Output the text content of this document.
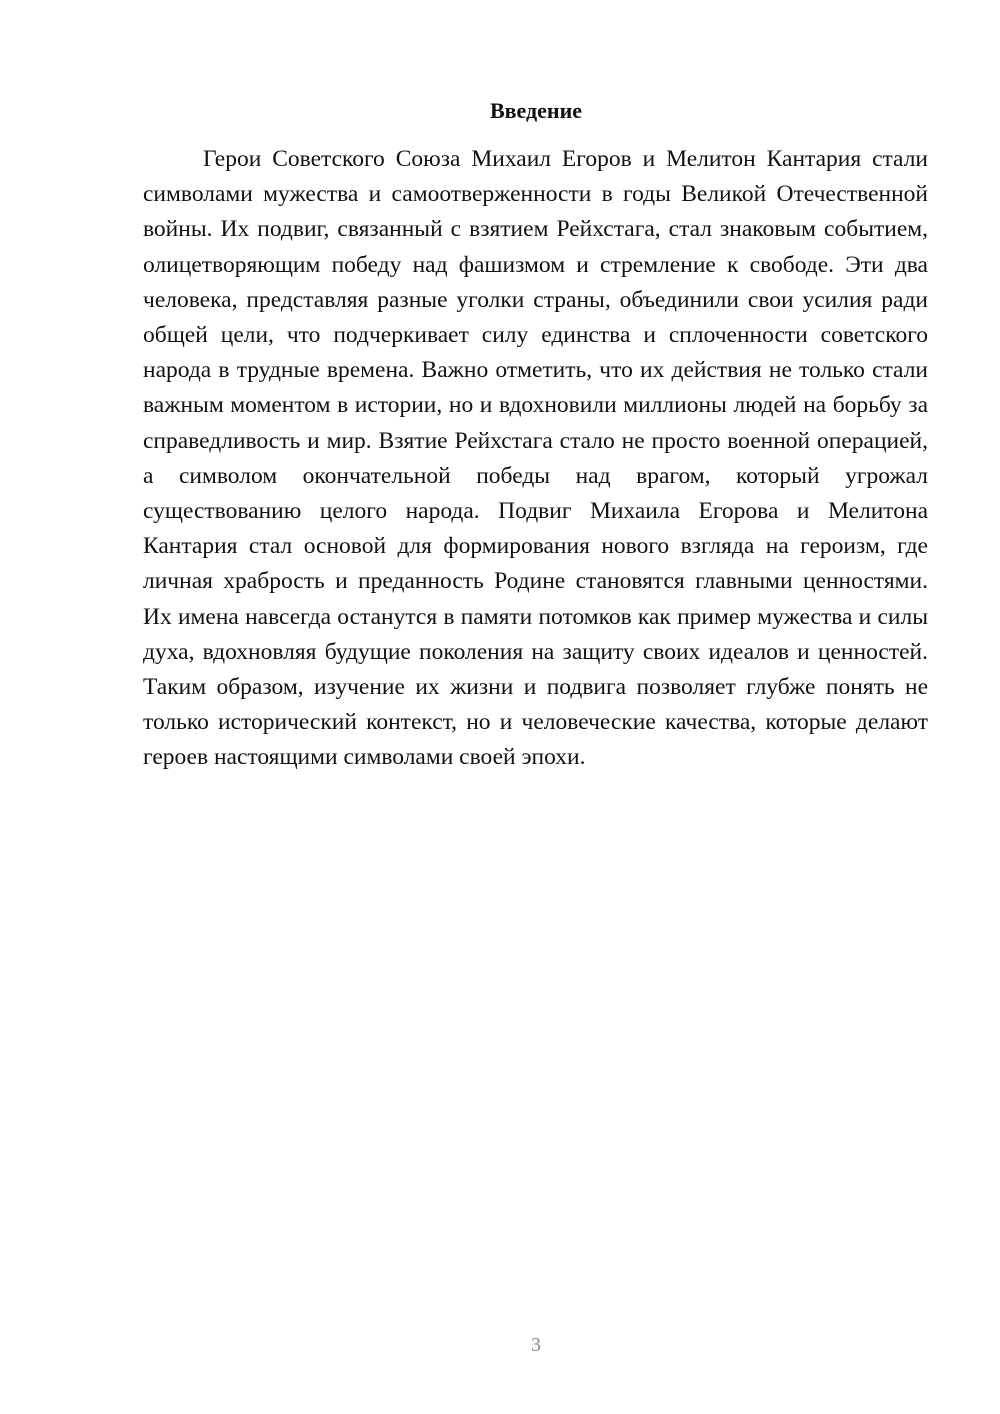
Введение

Герои Советского Союза Михаил Егоров и Мелитон Кантария стали символами мужества и самоотверженности в годы Великой Отечественной войны. Их подвиг, связанный с взятием Рейхстага, стал знаковым событием, олицетворяющим победу над фашизмом и стремление к свободе. Эти два человека, представляя разные уголки страны, объединили свои усилия ради общей цели, что подчеркивает силу единства и сплоченности советского народа в трудные времена. Важно отметить, что их действия не только стали важным моментом в истории, но и вдохновили миллионы людей на борьбу за справедливость и мир. Взятие Рейхстага стало не просто военной операцией, а символом окончательной победы над врагом, который угрожал существованию целого народа. Подвиг Михаила Егорова и Мелитона Кантария стал основой для формирования нового взгляда на героизм, где личная храбрость и преданность Родине становятся главными ценностями. Их имена навсегда останутся в памяти потомков как пример мужества и силы духа, вдохновляя будущие поколения на защиту своих идеалов и ценностей. Таким образом, изучение их жизни и подвига позволяет глубже понять не только исторический контекст, но и человеческие качества, которые делают героев настоящими символами своей эпохи.

3
